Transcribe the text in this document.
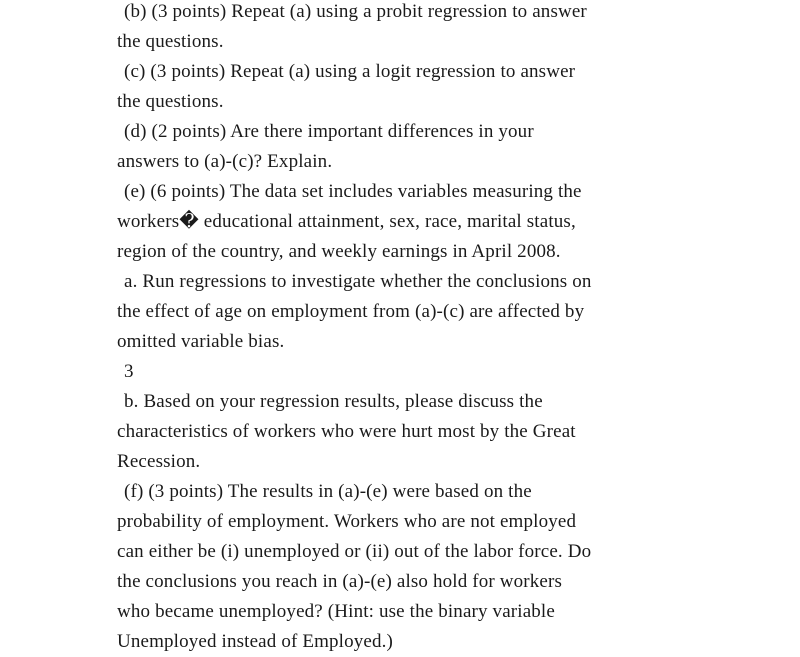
(b) (3 points) Repeat (a) using a probit regression to answer
the questions.
(c) (3 points) Repeat (a) using a logit regression to answer
the questions.
(d) (2 points) Are there important differences in your
answers to (a)-(c)? Explain.
(e) (6 points) The data set includes variables measuring the
workers� educational attainment, sex, race, marital status,
region of the country, and weekly earnings in April 2008.
a. Run regressions to investigate whether the conclusions on
the effect of age on employment from (a)-(c) are affected by
omitted variable bias.
3
b. Based on your regression results, please discuss the
characteristics of workers who were hurt most by the Great
Recession.
(f) (3 points) The results in (a)-(e) were based on the
probability of employment. Workers who are not employed
can either be (i) unemployed or (ii) out of the labor force. Do
the conclusions you reach in (a)-(e) also hold for workers
who became unemployed? (Hint: use the binary variable
Unemployed instead of Employed.)
